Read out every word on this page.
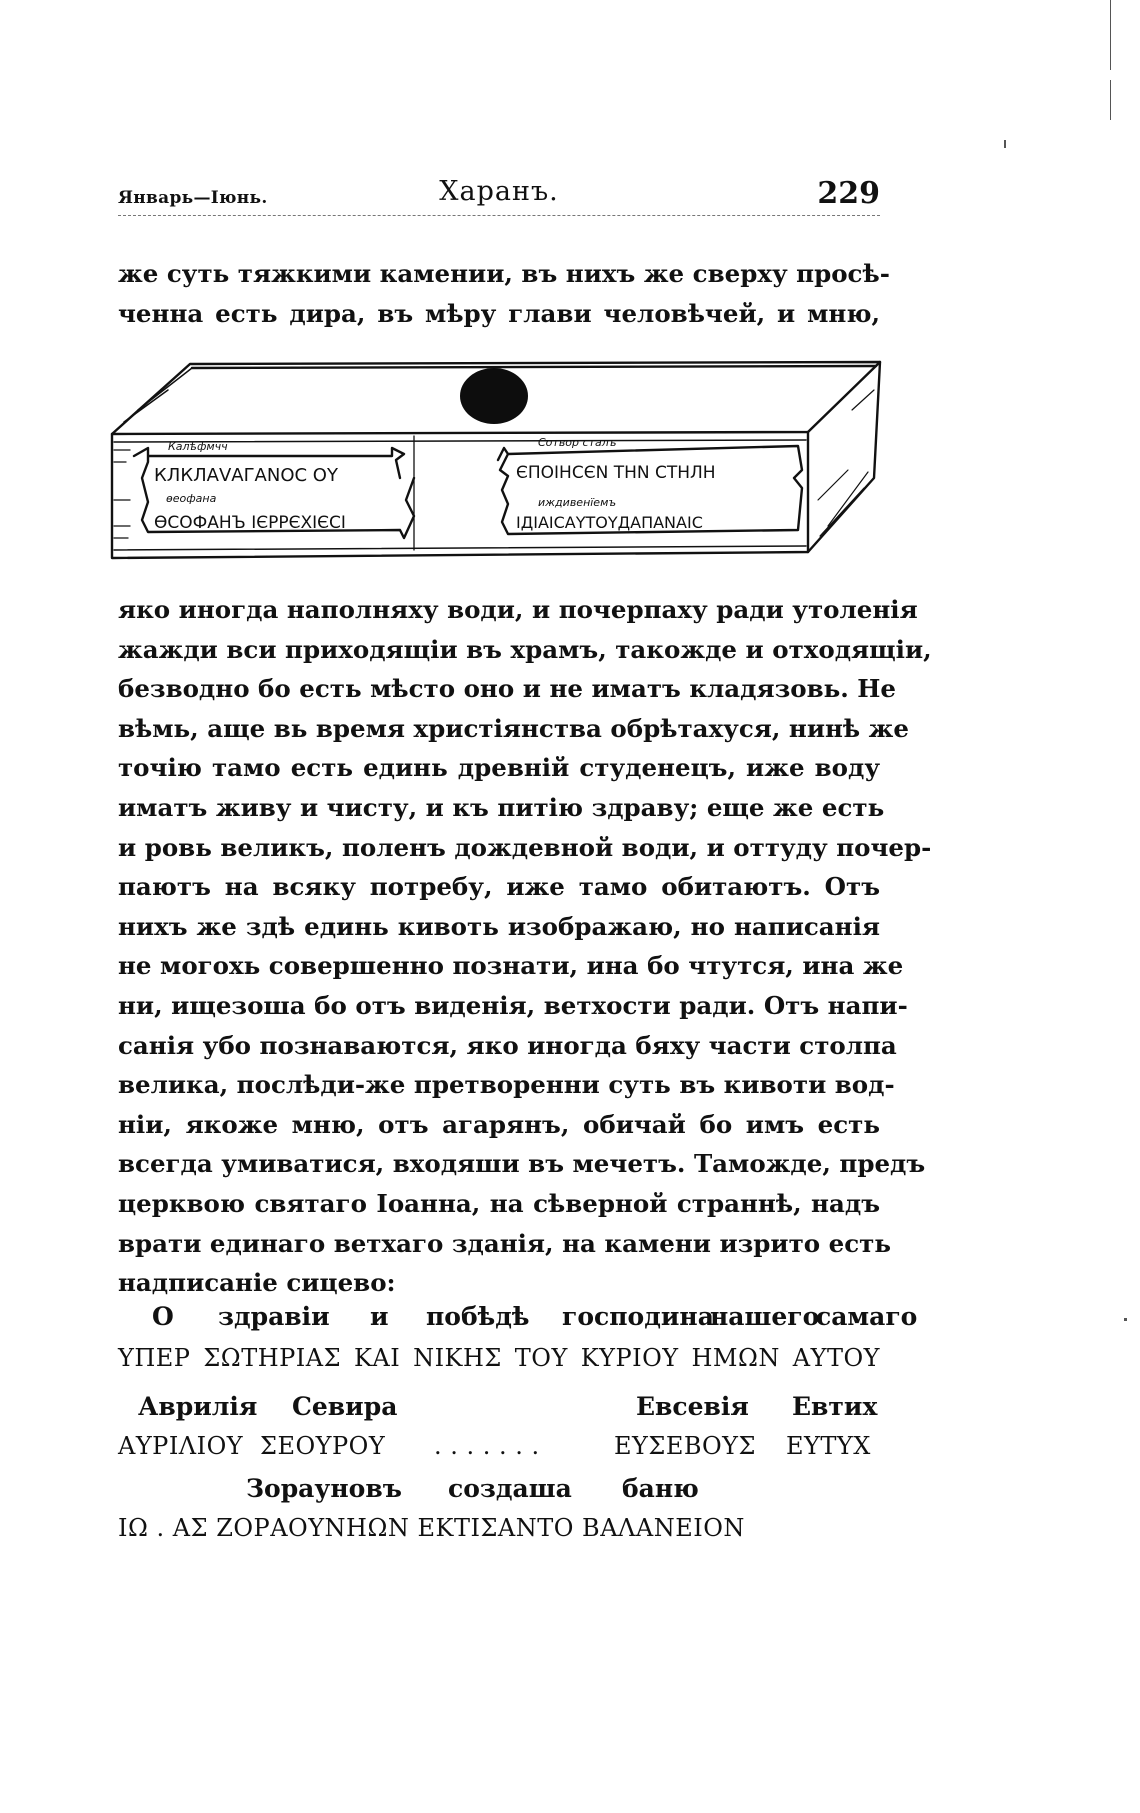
Январь—Іюнь.	Харанъ.	229
же суть тяжкими камении, въ нихъ же сверху просѣ-
ченна есть дира, въ мѣру глави человѣчей, и мню,
Калѣфмчч
КЛКЛАVАГАNОС ОY
ѳеофана
ѲСОФАНЪ ІЄРРЄХІЄСІ
Сотвор сталъ
ЄПОІНСЄN ТНN СТНЛН
иждивенїемъ
ІДІАІСАYТОYДАПАNАІС
яко иногда наполняху води, и почерпаху ради утоленія
жажди вси приходящіи въ храмъ, такожде и отходящіи,
безводно бо есть мѣсто оно и не иматъ кладязовь. Не
вѣмь, аще вь время христіянства обрѣтахуся, нинѣ же
точію тамо есть единь древній студенецъ, иже воду
иматъ живу и чисту, и къ питію здраву; еще же есть
и ровь великъ, поленъ дождевной води, и оттуду почер-
паютъ на всяку потребу, иже тамо обитаютъ. Отъ
нихъ же здѣ единь кивоть изображаю, но написанія
не могохь совершенно познати, ина бо чтутся, ина же
ни, ищезоша бо отъ виденія, ветхости ради. Отъ напи-
санія убо познаваются, яко иногда бяху части столпа
велика, послѣди-же претворенни суть въ кивоти вод-
ніи, якоже мню, отъ агарянъ, обичай бо имъ есть
всегда умиватися, входяши въ мечетъ. Тамождe, предъ
церквою святаго Іоанна, на сѣверной страннѣ, надъ
врати единаго ветхаго зданія, на камени изрито есть
надписаніе сицево:
О здравіи и побѣдѣ господина
нашего
самаго
ΥΠΕΡ ΣΩΤΗΡΙΑΣ ΚΑΙ ΝΙΚΗΣ ΤΟΥ ΚΥΡΙΟΥ ΗΜΩΝ ΑΥΤΟΥ
Аврилія Севира	Евсевія Евтих
ΑΥΡΙΛΙΟΥ ΣΕΟΥΡΟΥ . . . . . . .	ΕΥΣΕΒΟΥΣ ΕΥΤΥΧ
Зорауновъ создаша баню
ΙΩ . ΑΣ ΖΟΡΑΟΥΝΗΩΝ ΕΚΤΙΣΑΝΤΟ ΒΑΛΑΝΕΙΟΝ
